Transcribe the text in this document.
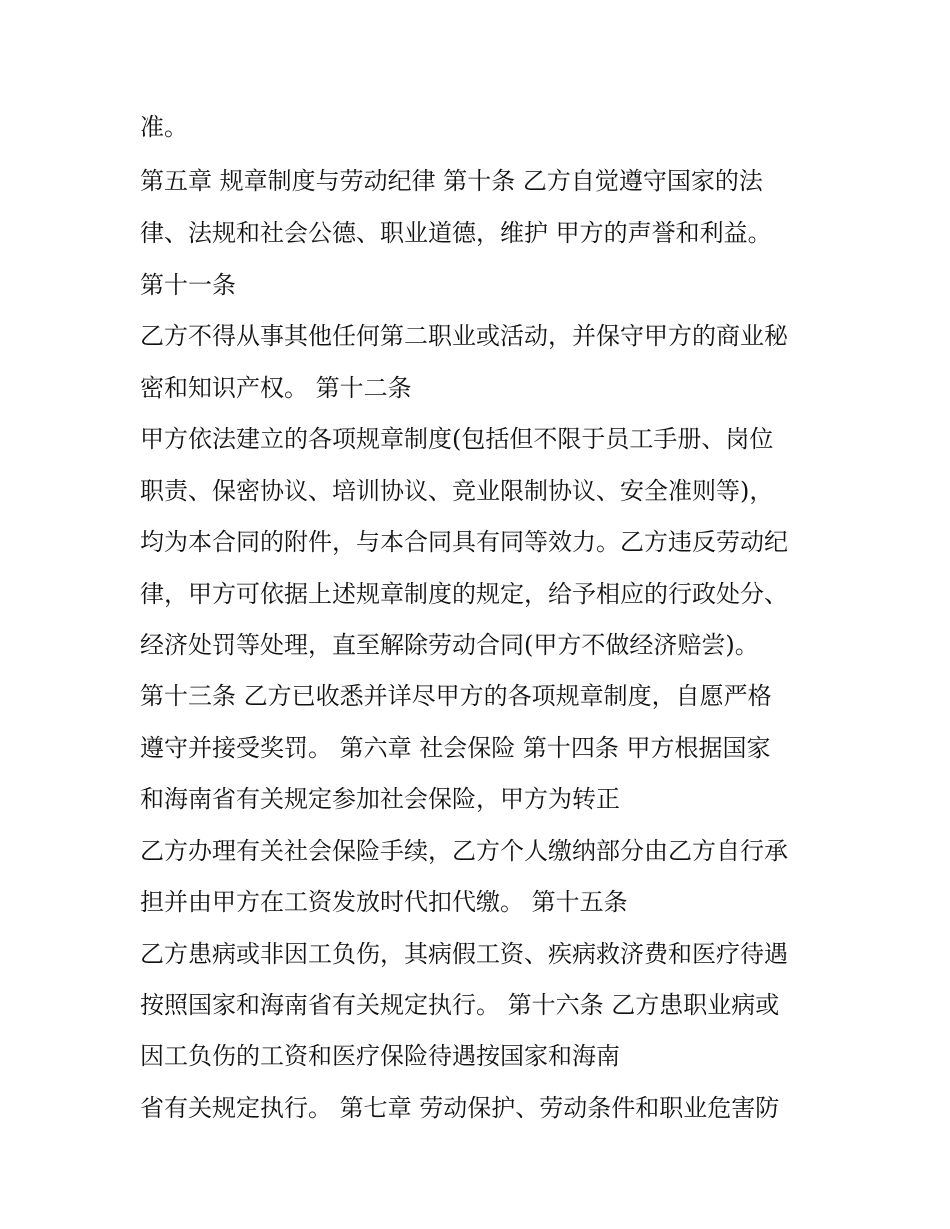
准。
第五章 规章制度与劳动纪律 第十条 乙方自觉遵守国家的法
律、法规和社会公德、职业道德，维护 甲方的声誉和利益。
第十一条
乙方不得从事其他任何第二职业或活动，并保守甲方的商业秘
密和知识产权。 第十二条
甲方依法建立的各项规章制度(包括但不限于员工手册、岗位
职责、保密协议、培训协议、竞业限制协议、安全准则等)，
均为本合同的附件，与本合同具有同等效力。乙方违反劳动纪
律，甲方可依据上述规章制度的规定，给予相应的行政处分、
经济处罚等处理，直至解除劳动合同(甲方不做经济赔尝)。
第十三条 乙方已收悉并详尽甲方的各项规章制度，自愿严格
遵守并接受奖罚。 第六章 社会保险 第十四条 甲方根据国家
和海南省有关规定参加社会保险，甲方为转正
乙方办理有关社会保险手续，乙方个人缴纳部分由乙方自行承
担并由甲方在工资发放时代扣代缴。 第十五条
乙方患病或非因工负伤，其病假工资、疾病救济费和医疗待遇
按照国家和海南省有关规定执行。 第十六条 乙方患职业病或
因工负伤的工资和医疗保险待遇按国家和海南
省有关规定执行。 第七章 劳动保护、劳动条件和职业危害防
